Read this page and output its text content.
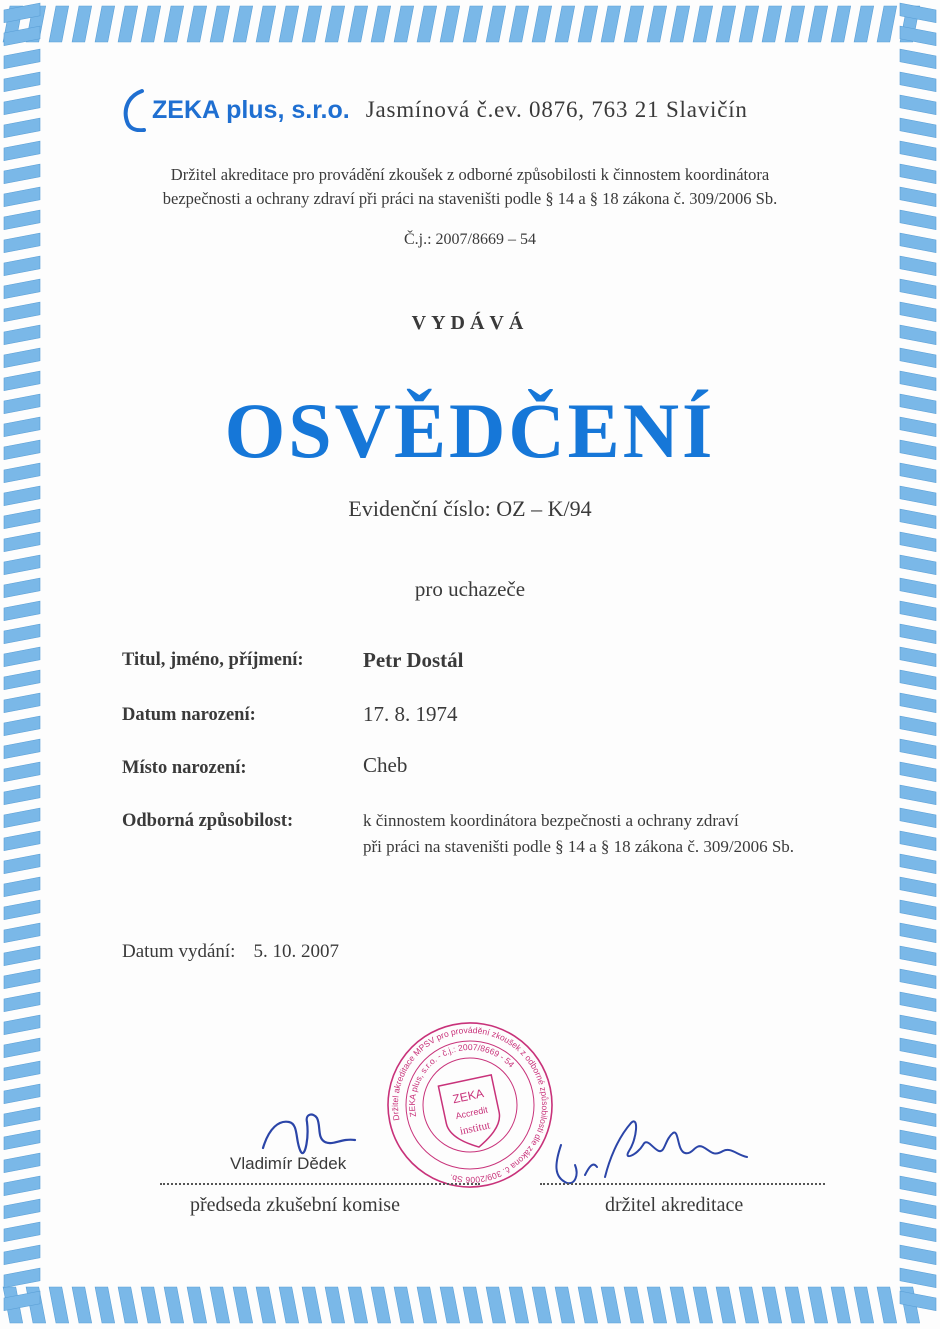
ZEKA plus, s.r.o. Jasmínová č.ev. 0876, 763 21 Slavičín
Držitel akreditace pro provádění zkoušek z odborné způsobilosti k činnostem koordinátora
bezpečnosti a ochrany zdraví při práci na staveništi podle § 14 a § 18 zákona č. 309/2006 Sb.
Č.j.: 2007/8669 – 54
VYDÁVÁ
OSVĚDČENÍ
Evidenční číslo: OZ – K/94
pro uchazeče
Titul, jméno, příjmení:	Petr Dostál
Datum narození:	17. 8. 1974
Místo narození:	Cheb
Odborná způsobilost:	k činnostem koordinátora bezpečnosti a ochrany zdraví
při práci na staveništi podle § 14 a § 18 zákona č. 309/2006 Sb.
Datum vydání: 5. 10. 2007
Držitel akreditace MPSV pro provádění zkoušek z odborné způsobilosti dle zákona č. 309/2006 Sb.
ZEKA plus, s.r.o. - č.j.: 2007/8669 - 54
ZEKA
Accredit
institut
Vladimír Dědek
předseda zkušební komise	držitel akreditace
